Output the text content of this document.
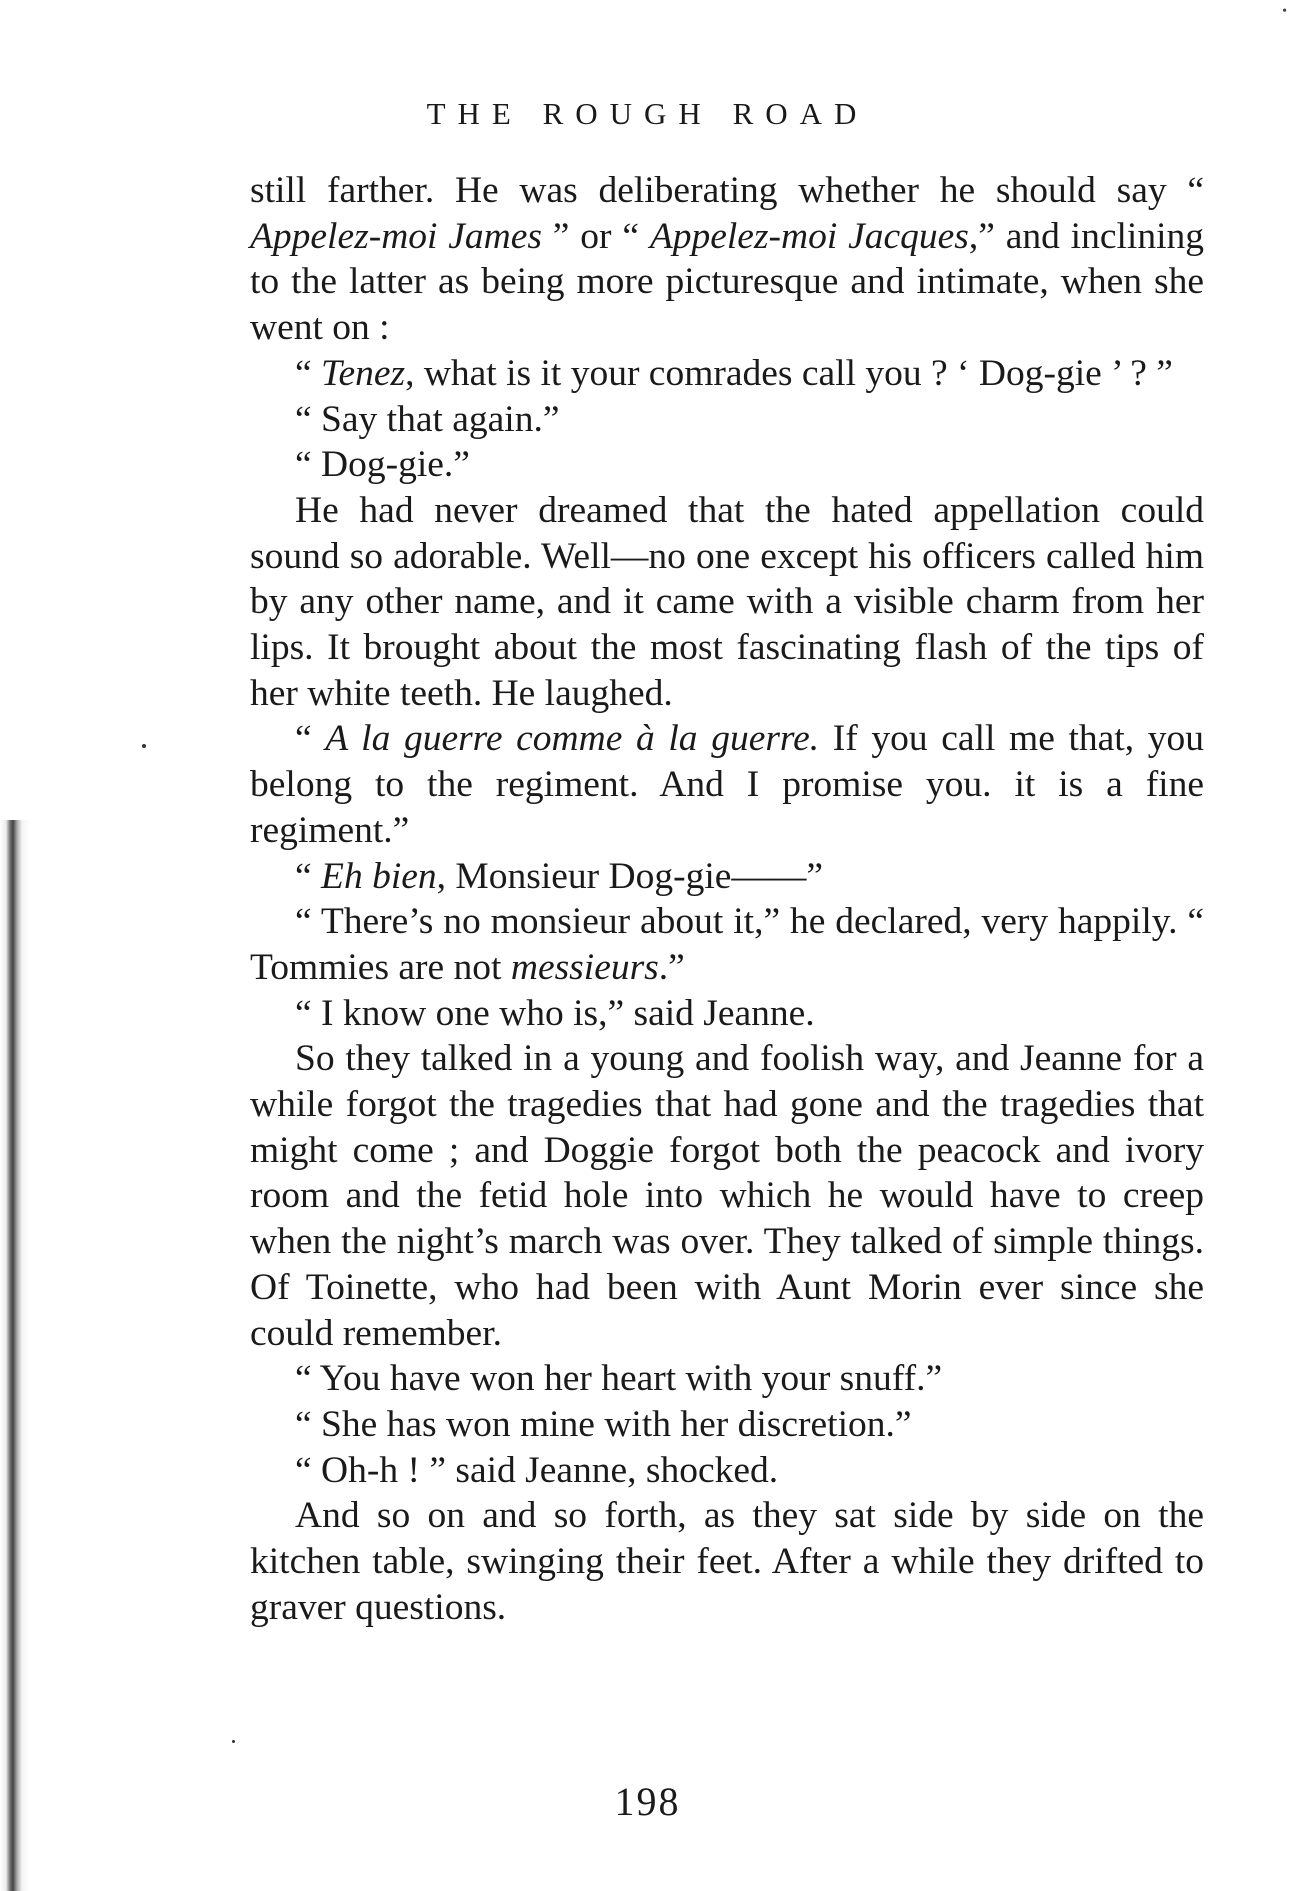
•
THE ROUGH ROAD

still farther. He was deliberating whether he should say “ Appelez-moi James ” or “ Appelez-moi Jacques,” and inclining to the latter as being more picturesque and intimate, when she went on :

“ Tenez, what is it your comrades call you ? ‘ Dog-gie ’ ? ”

“ Say that again.”

“ Dog-gie.”

He had never dreamed that the hated appellation could sound so adorable. Well—no one except his officers called him by any other name, and it came with a visible charm from her lips. It brought about the most fascinating flash of the tips of her white teeth. He laughed.

“ A la guerre comme à la guerre. If you call me that, you belong to the regiment. And I promise you. it is a fine regiment.”

“ Eh bien, Monsieur Dog-gie——”

“ There’s no monsieur about it,” he declared, very happily. “ Tommies are not messieurs.”

“ I know one who is,” said Jeanne.

So they talked in a young and foolish way, and Jeanne for a while forgot the tragedies that had gone and the tragedies that might come ; and Doggie forgot both the peacock and ivory room and the fetid hole into which he would have to creep when the night’s march was over. They talked of simple things. Of Toinette, who had been with Aunt Morin ever since she could remember.

“ You have won her heart with your snuff.”

“ She has won mine with her discretion.”

“ Oh-h ! ” said Jeanne, shocked.

And so on and so forth, as they sat side by side on the kitchen table, swinging their feet. After a while they drifted to graver questions.

198
